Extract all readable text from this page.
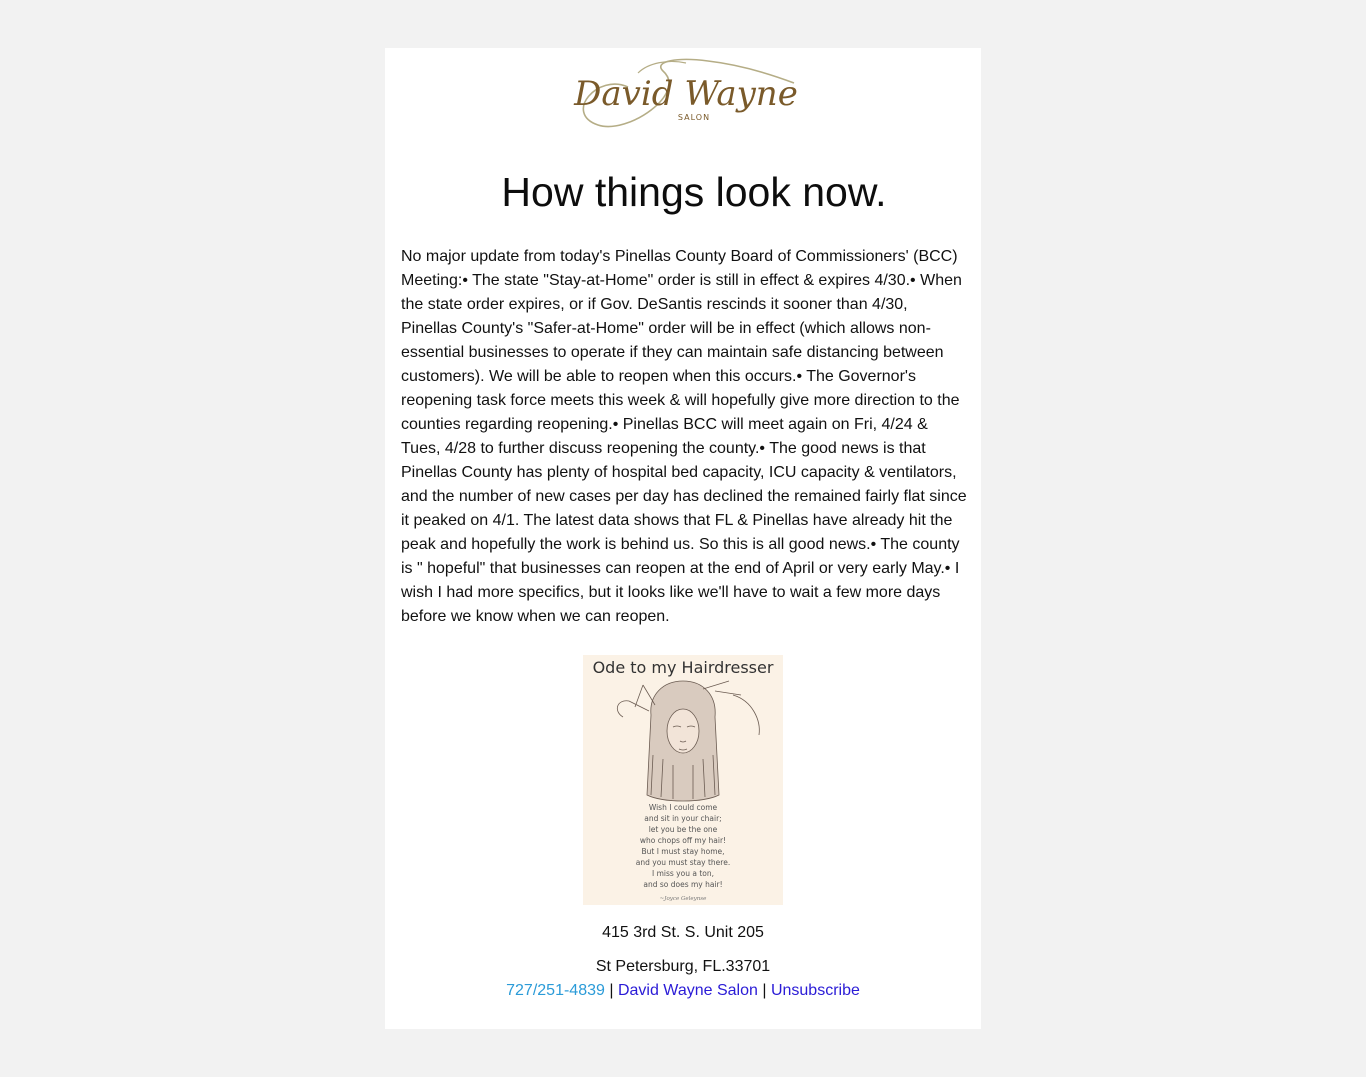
David Wayne
SALON
How things look now.

No major update from today's Pinellas County Board of Commissioners' (BCC) Meeting:• The state "Stay-at-Home" order is still in effect & expires 4/30.• When the state order expires, or if Gov. DeSantis rescinds it sooner than 4/30, Pinellas County's "Safer-at-Home" order will be in effect (which allows non-essential businesses to operate if they can maintain safe distancing between customers). We will be able to reopen when this occurs.• The Governor's reopening task force meets this week & will hopefully give more direction to the counties regarding reopening.• Pinellas BCC will meet again on Fri, 4/24 & Tues, 4/28 to further discuss reopening the county.• The good news is that Pinellas County has plenty of hospital bed capacity, ICU capacity & ventilators, and the number of new cases per day has declined the remained fairly flat since it peaked on 4/1. The latest data shows that FL & Pinellas have already hit the peak and hopefully the work is behind us. So this is all good news.• The county is " hopeful" that businesses can reopen at the end of April or very early May.• I wish I had more specifics, but it looks like we'll have to wait a few more days before we know when we can reopen.

Ode to my Hairdresser
Wish I could come
and sit in your chair;
let you be the one
who chops off my hair!
But I must stay home,
and you must stay there.
I miss you a ton,
and so does my hair!
~Joyce Geleynse

415 3rd St. S. Unit 205

St Petersburg, FL.33701

727/251-4839 | David Wayne Salon | Unsubscribe
